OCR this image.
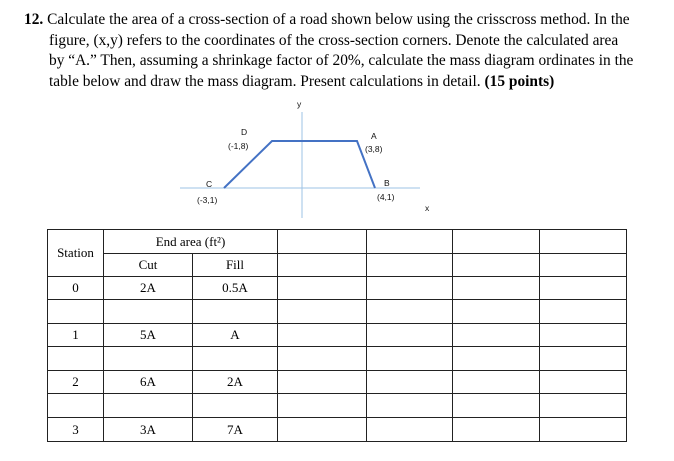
12. Calculate the area of a cross-section of a road shown below using the crisscross method. In the
figure, (x,y) refers to the coordinates of the cross-section corners. Denote the calculated area
by “A.” Then, assuming a shrinkage factor of 20%, calculate the mass diagram ordinates in the
table below and draw the mass diagram. Present calculations in detail. (15 points)
y
x
D
(-1,8)
A
(3,8)
C
(-3,1)
B
(4,1)
Station	End area (ft²)					
	Cut	Fill				
0	2A	0.5A				

1	5A	A				

2	6A	2A				

3	3A	7A				
